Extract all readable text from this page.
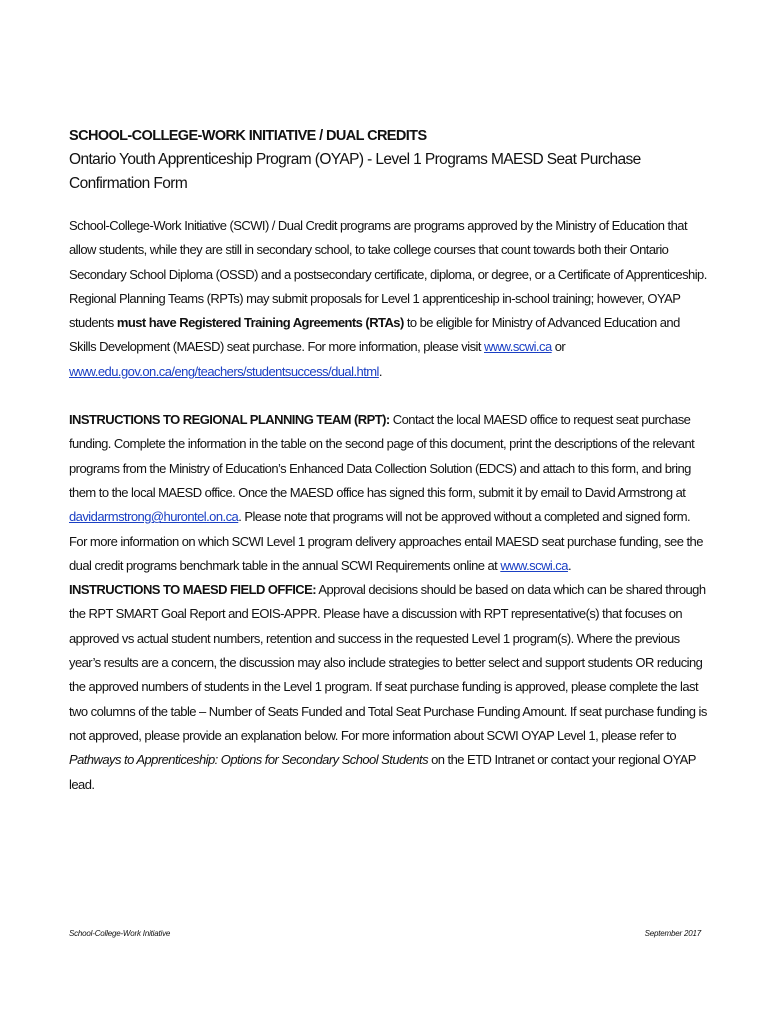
SCHOOL-COLLEGE-WORK INITIATIVE / DUAL CREDITS
Ontario Youth Apprenticeship Program (OYAP) - Level 1 Programs MAESD Seat Purchase Confirmation Form

School-College-Work Initiative (SCWI) / Dual Credit programs are programs approved by the Ministry of Education that allow students, while they are still in secondary school, to take college courses that count towards both their Ontario Secondary School Diploma (OSSD) and a postsecondary certificate, diploma, or degree, or a Certificate of Apprenticeship. Regional Planning Teams (RPTs) may submit proposals for Level 1 apprenticeship in-school training; however, OYAP students must have Registered Training Agreements (RTAs) to be eligible for Ministry of Advanced Education and Skills Development (MAESD) seat purchase. For more information, please visit www.scwi.ca or www.edu.gov.on.ca/eng/teachers/studentsuccess/dual.html.

INSTRUCTIONS TO REGIONAL PLANNING TEAM (RPT): Contact the local MAESD office to request seat purchase funding. Complete the information in the table on the second page of this document, print the descriptions of the relevant programs from the Ministry of Education’s Enhanced Data Collection Solution (EDCS) and attach to this form, and bring them to the local MAESD office. Once the MAESD office has signed this form, submit it by email to David Armstrong at davidarmstrong@hurontel.on.ca. Please note that programs will not be approved without a completed and signed form. For more information on which SCWI Level 1 program delivery approaches entail MAESD seat purchase funding, see the dual credit programs benchmark table in the annual SCWI Requirements online at www.scwi.ca.

INSTRUCTIONS TO MAESD FIELD OFFICE: Approval decisions should be based on data which can be shared through the RPT SMART Goal Report and EOIS-APPR. Please have a discussion with RPT representative(s) that focuses on approved vs actual student numbers, retention and success in the requested Level 1 program(s). Where the previous year’s results are a concern, the discussion may also include strategies to better select and support students OR reducing the approved numbers of students in the Level 1 program. If seat purchase funding is approved, please complete the last two columns of the table – Number of Seats Funded and Total Seat Purchase Funding Amount. If seat purchase funding is not approved, please provide an explanation below. For more information about SCWI OYAP Level 1, please refer to Pathways to Apprenticeship: Options for Secondary School Students on the ETD Intranet or contact your regional OYAP lead.

School-College-Work Initiative	September 2017
